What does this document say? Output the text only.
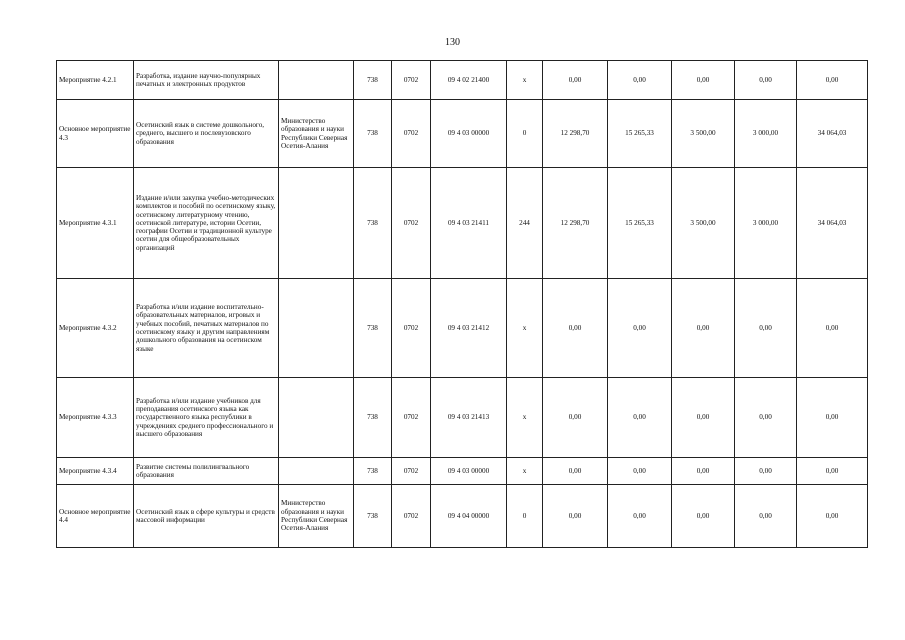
130
Мероприятие 4.2.1	Разработка, издание научно-популярных печатных и электронных продуктов		738	0702	09 4 02 21400	x	0,00	0,00	0,00	0,00	0,00
Основное мероприятие 4.3	Осетинский язык в системе дошкольного, среднего, высшего и послевузовского образования	Министерство образования и науки Республики Северная Осетия-Алания	738	0702	09 4 03 00000	0	12 298,70	15 265,33	3 500,00	3 000,00	34 064,03
Мероприятие 4.3.1	Издание и/или закупка учебно-методических комплектов и пособий по осетинскому языку, осетинскому литературному чтению, осетинской литературе, истории Осетии, географии Осетии и традиционной культуре осетин для общеобразовательных организаций		738	0702	09 4 03 21411	244	12 298,70	15 265,33	3 500,00	3 000,00	34 064,03
Мероприятие 4.3.2	Разработка и/или издание воспитательно-образовательных материалов, игровых и учебных пособий, печатных материалов по осетинскому языку и другим направлениям дошкольного образования на осетинском языке		738	0702	09 4 03 21412	x	0,00	0,00	0,00	0,00	0,00
Мероприятие 4.3.3	Разработка и/или издание учебников для преподавания осетинского языка как государственного языка республики в учреждениях среднего профессионального и высшего образования		738	0702	09 4 03 21413	x	0,00	0,00	0,00	0,00	0,00
Мероприятие 4.3.4	Развитие системы полилингвального образования		738	0702	09 4 03 00000	x	0,00	0,00	0,00	0,00	0,00
Основное мероприятие 4.4	Осетинский язык в сфере культуры и средств массовой информации	Министерство образования и науки Республики Северная Осетия-Алания	738	0702	09 4 04 00000	0	0,00	0,00	0,00	0,00	0,00
